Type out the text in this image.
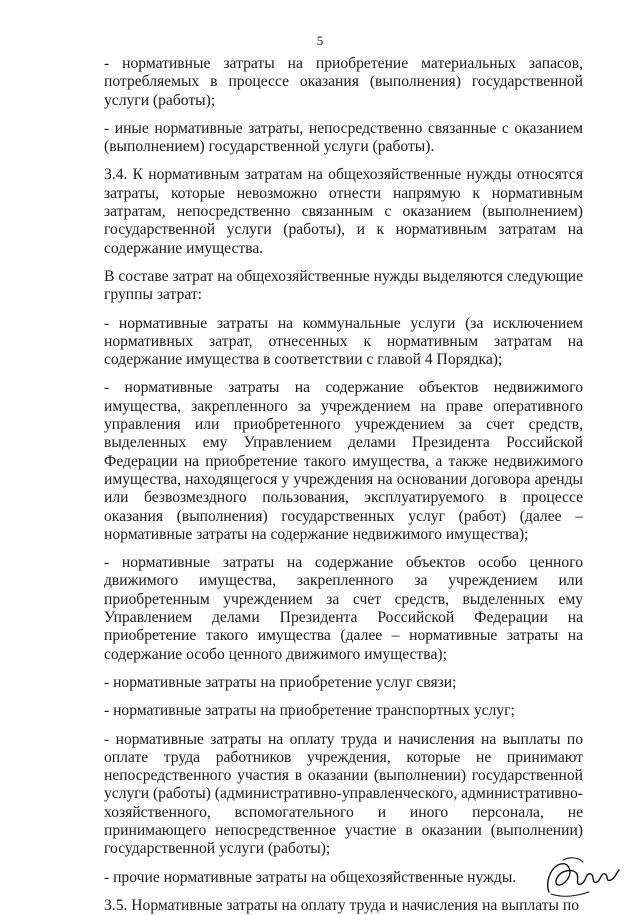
5

- нормативные затраты на приобретение материальных запасов, потребляемых в процессе оказания (выполнения) государственной услуги (работы);

- иные нормативные затраты, непосредственно связанные с оказанием (выполнением) государственной услуги (работы).

3.4. К нормативным затратам на общехозяйственные нужды относятся затраты, которые невозможно отнести напрямую к нормативным затратам, непосредственно связанным с оказанием (выполнением) государственной услуги (работы), и к нормативным затратам на содержание имущества.

В составе затрат на общехозяйственные нужды выделяются следующие группы затрат:

- нормативные затраты на коммунальные услуги (за исключением нормативных затрат, отнесенных к нормативным затратам на содержание имущества в соответствии с главой 4 Порядка);

- нормативные затраты на содержание объектов недвижимого имущества, закрепленного за учреждением на праве оперативного управления или приобретенного учреждением за счет средств, выделенных ему Управлением делами Президента Российской Федерации на приобретение такого имущества, а также недвижимого имущества, находящегося у учреждения на основании договора аренды или безвозмездного пользования, эксплуатируемого в процессе оказания (выполнения) государственных услуг (работ) (далее – нормативные затраты на содержание недвижимого имущества);

- нормативные затраты на содержание объектов особо ценного движимого имущества, закрепленного за учреждением или приобретенным учреждением за счет средств, выделенных ему Управлением делами Президента Российской Федерации на приобретение такого имущества (далее – нормативные затраты на содержание особо ценного движимого имущества);

- нормативные затраты на приобретение услуг связи;

- нормативные затраты на приобретение транспортных услуг;

- нормативные затраты на оплату труда и начисления на выплаты по оплате труда работников учреждения, которые не принимают непосредственного участия в оказании (выполнении) государственной услуги (работы) (административно-управленческого, административно-хозяйственного, вспомогательного и иного персонала, не принимающего непосредственное участие в оказании (выполнении) государственной услуги (работы);

- прочие нормативные затраты на общехозяйственные нужды.

3.5. Нормативные затраты на оплату труда и начисления на выплаты по
